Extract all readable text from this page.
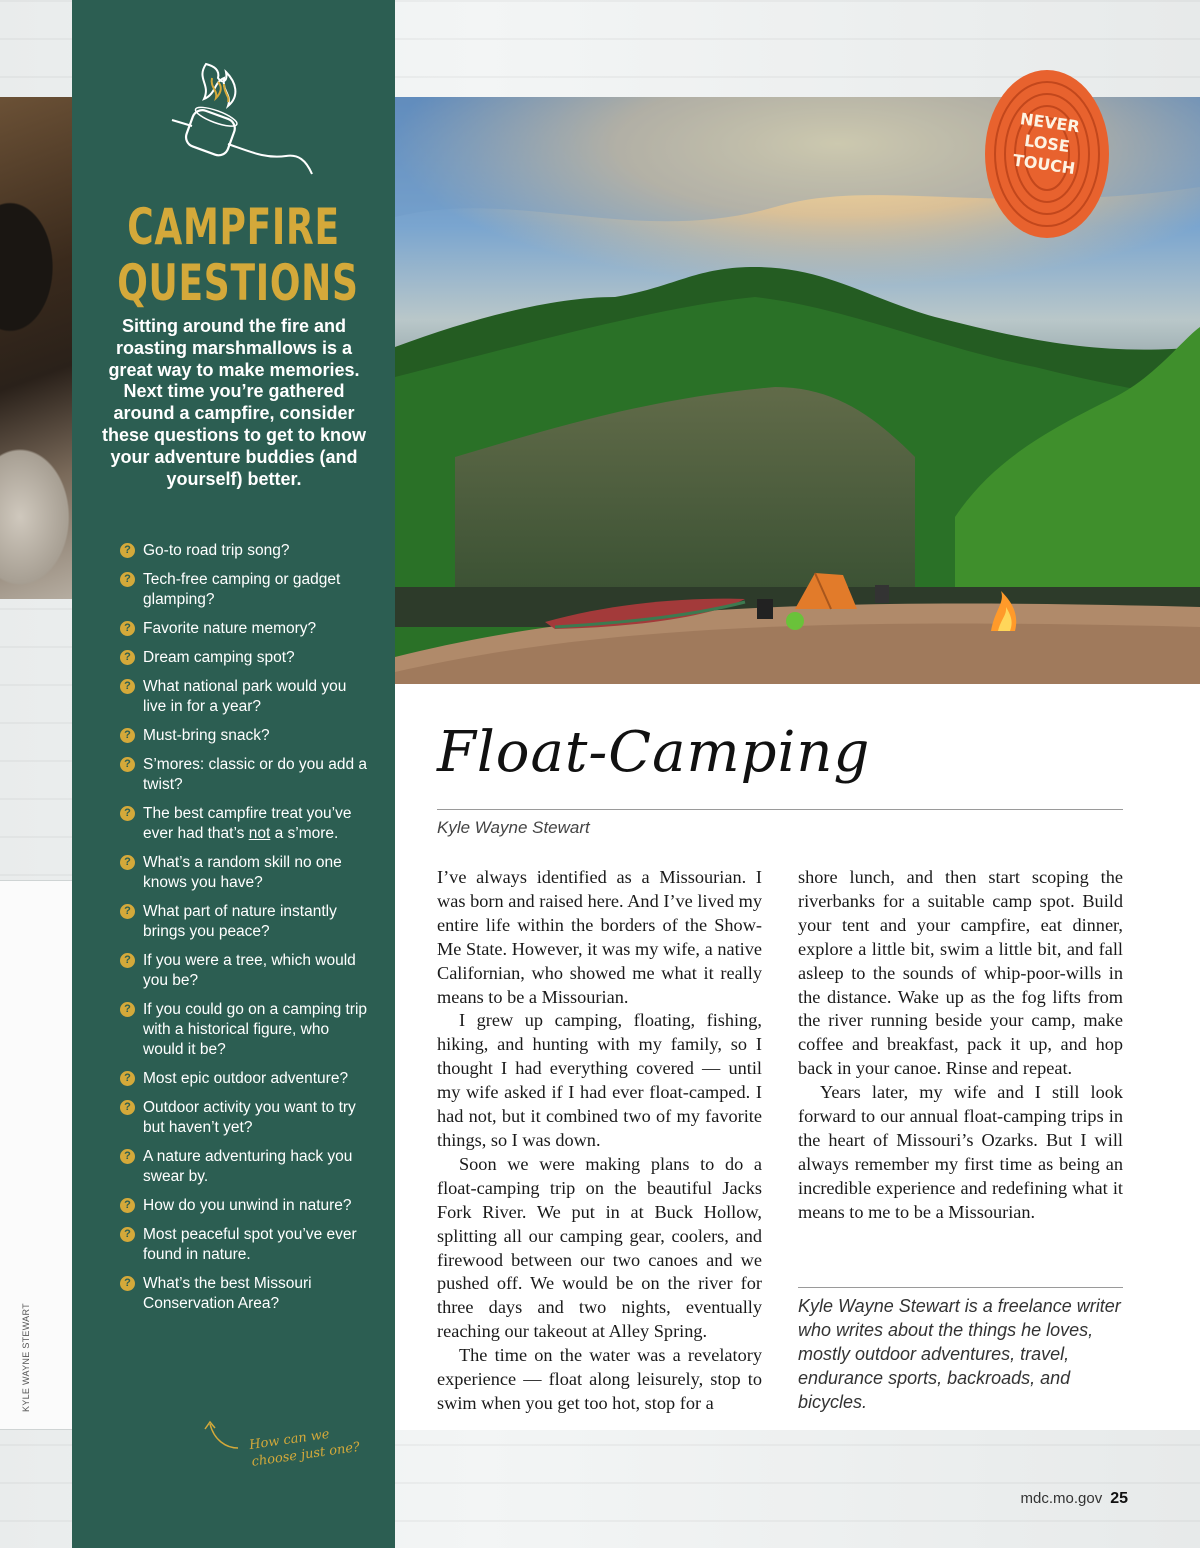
KYLE WAYNE STEWART
CAMPFIRE
QUESTIONS
Sitting around the fire and roasting marshmallows is a great way to make memories. Next time you’re gathered around a campfire, consider these questions to get to know your adventure buddies (and yourself) better.
? Go-to road trip song?
? Tech-free camping or gadget glamping?
? Favorite nature memory?
? Dream camping spot?
? What national park would you live in for a year?
? Must-bring snack?
? S’mores: classic or do you add a twist?
? The best campfire treat you’ve ever had that’s not a s’more.
? What’s a random skill no one knows you have?
? What part of nature instantly brings you peace?
? If you were a tree, which would you be?
? If you could go on a camping trip with a historical figure, who would it be?
? Most epic outdoor adventure?
? Outdoor activity you want to try but haven’t yet?
? A nature adventuring hack you swear by.
? How do you unwind in nature?
? Most peaceful spot you’ve ever found in nature.
? What’s the best Missouri Conservation Area?
How can we choose just one?
NEVER
LOSE
TOUCH
Float-Camping
Kyle Wayne Stewart

I’ve always identified as a Missourian. I was born and raised here. And I’ve lived my entire life within the borders of the Show-Me State. However, it was my wife, a native Californian, who showed me what it really means to be a Missourian.

I grew up camping, floating, fishing, hiking, and hunting with my family, so I thought I had everything covered — until my wife asked if I had ever float-camped. I had not, but it combined two of my favorite things, so I was down.

Soon we were making plans to do a float-camping trip on the beautiful Jacks Fork River. We put in at Buck Hollow, splitting all our camping gear, coolers, and firewood between our two canoes and we pushed off. We would be on the river for three days and two nights, eventually reaching our takeout at Alley Spring.

The time on the water was a revelatory experience — float along leisurely, stop to swim when you get too hot, stop for a

shore lunch, and then start scoping the riverbanks for a suitable camp spot. Build your tent and your campfire, eat dinner, explore a little bit, swim a little bit, and fall asleep to the sounds of whip-poor-wills in the distance. Wake up as the fog lifts from the river running beside your camp, make coffee and breakfast, pack it up, and hop back in your canoe. Rinse and repeat.

Years later, my wife and I still look forward to our annual float-camping trips in the heart of Missouri’s Ozarks. But I will always remember my first time as being an incredible experience and redefining what it means to me to be a Missourian.

Kyle Wayne Stewart is a freelance writer who writes about the things he loves, mostly outdoor adventures, travel, endurance sports, backroads, and bicycles.
mdc.mo.gov 25
